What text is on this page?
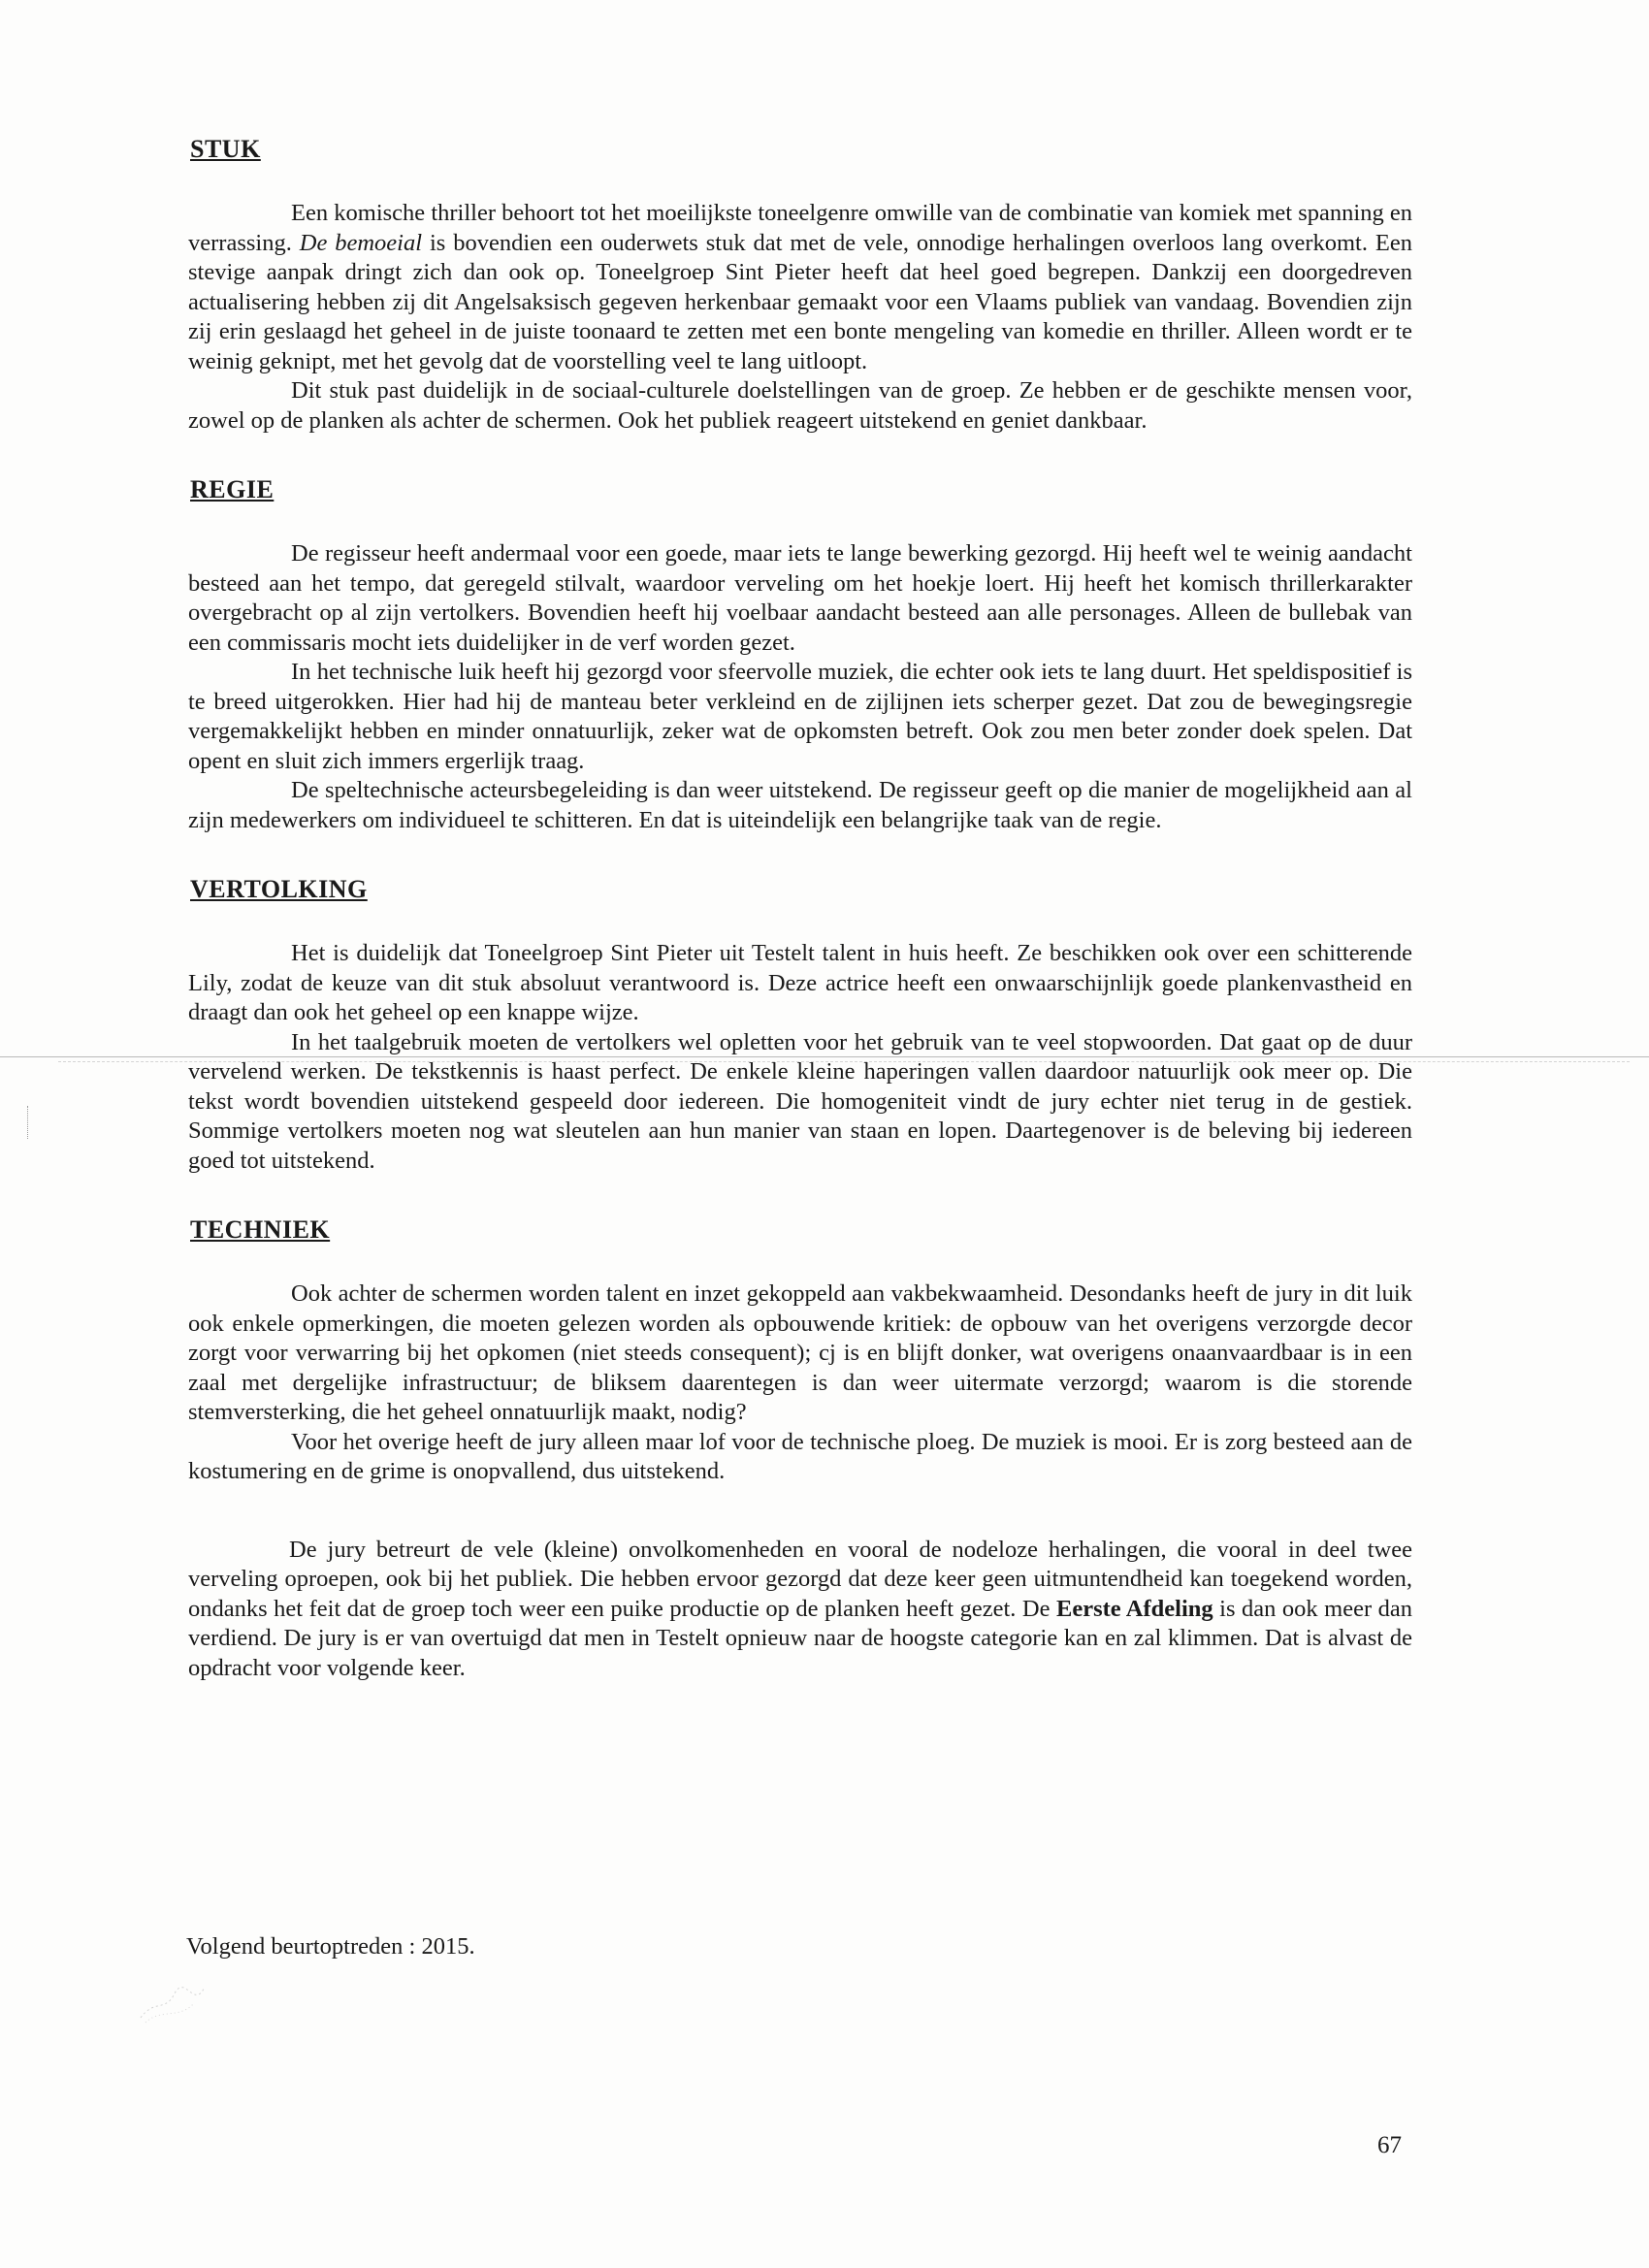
STUK

Een komische thriller behoort tot het moeilijkste toneelgenre omwille van de combinatie van komiek met spanning en verrassing. De bemoeial is bovendien een ouderwets stuk dat met de vele, onnodige herhalingen overloos lang overkomt. Een stevige aanpak dringt zich dan ook op. Toneelgroep Sint Pieter heeft dat heel goed begrepen. Dankzij een doorgedreven actualisering hebben zij dit Angelsaksisch gegeven herkenbaar gemaakt voor een Vlaams publiek van vandaag. Bovendien zijn zij erin geslaagd het geheel in de juiste toonaard te zetten met een bonte mengeling van komedie en thriller. Alleen wordt er te weinig geknipt, met het gevolg dat de voorstelling veel te lang uitloopt.

Dit stuk past duidelijk in de sociaal-culturele doelstellingen van de groep. Ze hebben er de geschikte mensen voor, zowel op de planken als achter de schermen. Ook het publiek reageert uitstekend en geniet dankbaar.

REGIE

De regisseur heeft andermaal voor een goede, maar iets te lange bewerking gezorgd. Hij heeft wel te weinig aandacht besteed aan het tempo, dat geregeld stilvalt, waardoor verveling om het hoekje loert. Hij heeft het komisch thrillerkarakter overgebracht op al zijn vertolkers. Bovendien heeft hij voelbaar aandacht besteed aan alle personages. Alleen de bullebak van een commissaris mocht iets duidelijker in de verf worden gezet.

In het technische luik heeft hij gezorgd voor sfeervolle muziek, die echter ook iets te lang duurt. Het speldispositief is te breed uitgerokken. Hier had hij de manteau beter verkleind en de zijlijnen iets scherper gezet. Dat zou de bewegingsregie vergemakkelijkt hebben en minder onnatuurlijk, zeker wat de opkomsten betreft. Ook zou men beter zonder doek spelen. Dat opent en sluit zich immers ergerlijk traag.

De speltechnische acteursbegeleiding is dan weer uitstekend. De regisseur geeft op die manier de mogelijkheid aan al zijn medewerkers om individueel te schitteren. En dat is uiteindelijk een belangrijke taak van de regie.

VERTOLKING

Het is duidelijk dat Toneelgroep Sint Pieter uit Testelt talent in huis heeft. Ze beschikken ook over een schitterende Lily, zodat de keuze van dit stuk absoluut verantwoord is. Deze actrice heeft een onwaarschijnlijk goede plankenvastheid en draagt dan ook het geheel op een knappe wijze.

In het taalgebruik moeten de vertolkers wel opletten voor het gebruik van te veel stopwoorden. Dat gaat op de duur vervelend werken. De tekstkennis is haast perfect. De enkele kleine haperingen vallen daardoor natuurlijk ook meer op. Die tekst wordt bovendien uitstekend gespeeld door iedereen. Die homogeniteit vindt de jury echter niet terug in de gestiek. Sommige vertolkers moeten nog wat sleutelen aan hun manier van staan en lopen. Daartegenover is de beleving bij iedereen goed tot uitstekend.

TECHNIEK

Ook achter de schermen worden talent en inzet gekoppeld aan vakbekwaamheid. Desondanks heeft de jury in dit luik ook enkele opmerkingen, die moeten gelezen worden als opbouwende kritiek: de opbouw van het overigens verzorgde decor zorgt voor verwarring bij het opkomen (niet steeds consequent); cj is en blijft donker, wat overigens onaanvaardbaar is in een zaal met dergelijke infrastructuur; de bliksem daarentegen is dan weer uitermate verzorgd; waarom is die storende stemversterking, die het geheel onnatuurlijk maakt, nodig?

Voor het overige heeft de jury alleen maar lof voor de technische ploeg. De muziek is mooi. Er is zorg besteed aan de kostumering en de grime is onopvallend, dus uitstekend.

De jury betreurt de vele (kleine) onvolkomenheden en vooral de nodeloze herhalingen, die vooral in deel twee verveling oproepen, ook bij het publiek. Die hebben ervoor gezorgd dat deze keer geen uitmuntendheid kan toegekend worden, ondanks het feit dat de groep toch weer een puike productie op de planken heeft gezet. De Eerste Afdeling is dan ook meer dan verdiend. De jury is er van overtuigd dat men in Testelt opnieuw naar de hoogste categorie kan en zal klimmen. Dat is alvast de opdracht voor volgende keer.

Volgend beurtoptreden : 2015.
67
